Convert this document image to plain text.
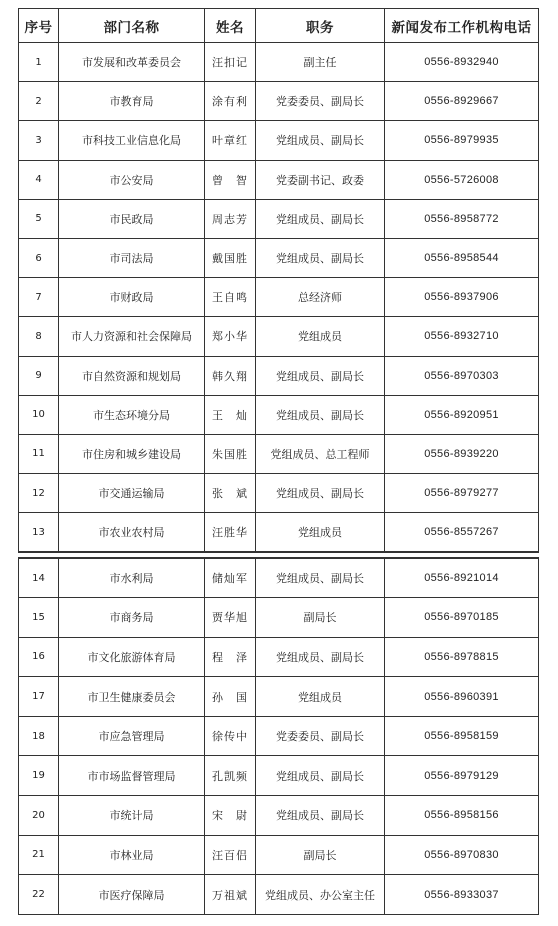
序号	部门名称	姓名	职务	新闻发布工作机构电话
1	市发展和改革委员会	汪扣记	副主任	0556-8932940
2	市教育局	涂有利	党委委员、副局长	0556-8929667
3	市科技工业信息化局	叶章红	党组成员、副局长	0556-8979935
4	市公安局	曾　智	党委副书记、政委	0556-5726008
5	市民政局	周志芳	党组成员、副局长	0556-8958772
6	市司法局	戴国胜	党组成员、副局长	0556-8958544
7	市财政局	王自鸣	总经济师	0556-8937906
8	市人力资源和社会保障局	郑小华	党组成员	0556-8932710
9	市自然资源和规划局	韩久翔	党组成员、副局长	0556-8970303
10	市生态环境分局	王　灿	党组成员、副局长	0556-8920951
11	市住房和城乡建设局	朱国胜	党组成员、总工程师	0556-8939220
12	市交通运输局	张　斌	党组成员、副局长	0556-8979277
13	市农业农村局	汪胜华	党组成员	0556-8557267
14	市水利局	储灿军	党组成员、副局长	0556-8921014
15	市商务局	贾华旭	副局长	0556-8970185
16	市文化旅游体育局	程　泽	党组成员、副局长	0556-8978815
17	市卫生健康委员会	孙　国	党组成员	0556-8960391
18	市应急管理局	徐传中	党委委员、副局长	0556-8958159
19	市市场监督管理局	孔凯频	党组成员、副局长	0556-8979129
20	市统计局	宋　尉	党组成员、副局长	0556-8958156
21	市林业局	汪百侣	副局长	0556-8970830
22	市医疗保障局	万祖斌	党组成员、办公室主任	0556-8933037
